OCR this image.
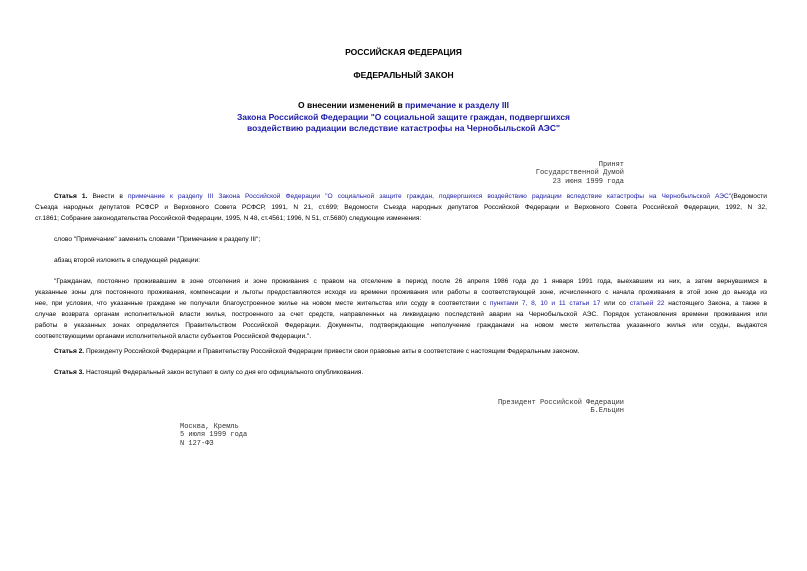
РОССИЙСКАЯ ФЕДЕРАЦИЯ
ФЕДЕРАЛЬНЫЙ ЗАКОН
О внесении изменений в примечание к разделу III
Закона Российской Федерации "О социальной защите граждан, подвергшихся воздействию радиации вследствие катастрофы на Чернобыльской АЭС"
Принят
Государственной Думой
23 июня 1999 года
Статья 1. Внести в примечание к разделу III Закона Российской Федерации "О социальной защите граждан, подвергшихся воздействию радиации вследствие катастрофы на Чернобыльской АЭС"(Ведомости
Съезда народных депутатов РСФСР и Верховного Совета РСФСР, 1991, N 21, ст.699; Ведомости Съезда народных депутатов Российской Федерации и Верховного Совета Российской Федерации, 1992, N 32,
ст.1861; Собрание законодательства Российской Федерации, 1995, N 48, ст.4561; 1996, N 51, ст.5680) следующие изменения:
слово "Примечание" заменить словами "Примечание к разделу III";
абзац второй изложить в следующей редакции:
"Гражданам, постоянно проживавшим в зоне отселения и зоне проживания с правом на отселение в период после 26 апреля 1986 года до 1 января 1991 года, выехавшим из них, а затем вернувшимся в
указанные зоны для постоянного проживания, компенсации и льготы предоставляются исходя из времени проживания или работы в соответствующей зоне, исчисленного с начала проживания в этой зоне до выезда из
нее, при условии, что указанные граждане не получали благоустроенное жилье на новом месте жительства или ссуду в соответствии с пунктами 7, 8, 10 и 11 статьи 17 или со статьей 22 настоящего Закона, а также в
случае возврата органам исполнительной власти жилья, построенного за счет средств, направленных на ликвидацию последствий аварии на Чернобыльской АЭС. Порядок установления времени проживания или
работы в указанных зонах определяется Правительством Российской Федерации. Документы, подтверждающие неполучение гражданами на новом месте жительства указанного жилья или ссуды, выдаются
соответствующими органами исполнительной власти субъектов Российской Федерации.".
Статья 2. Президенту Российской Федерации и Правительству Российской Федерации привести свои правовые акты в соответствие с настоящим Федеральным законом.
Статья 3. Настоящий Федеральный закон вступает в силу со дня его официального опубликования.
Президент Российской Федерации
Б.Ельцин
Москва, Кремль
5 июля 1999 года
N 127-ФЗ
